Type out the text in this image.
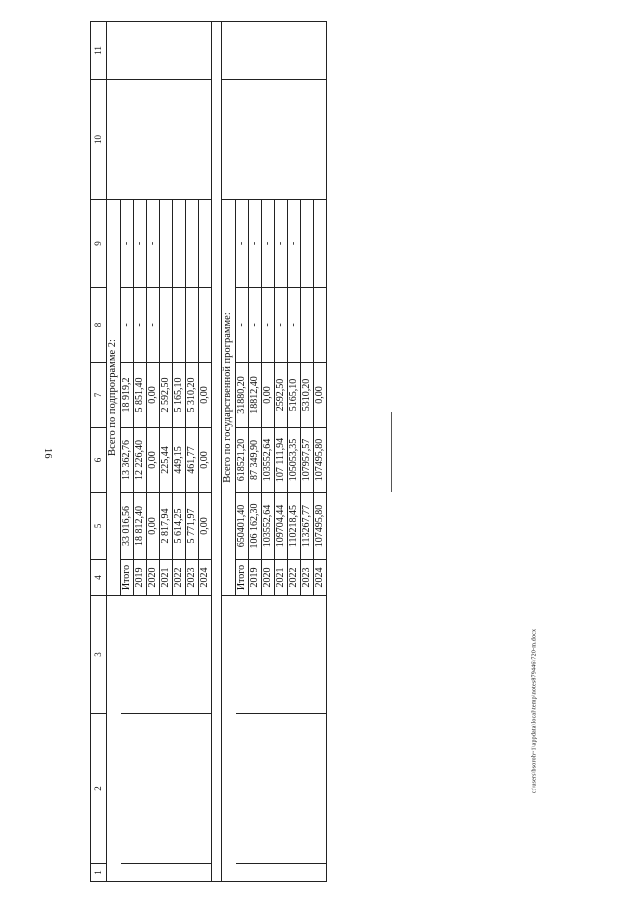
16
c:\users\bsoroh~1\appdata\local\temp\notes879446\720-m.docx
1	2	3	4	5	6	7	8	9	10	11
			Всего по подпрограмме 2:							
			Итого	33 016,56	13 362,76	18 919,2	-	-		
			2019	18 812,40	12 226,40	5 851,40	-	-		
			2020	0,00	0,00	0,00	-	-		
			2021	2 817,94	225,44	2 592,50				
			2022	5 614,25	449,15	5 165,10				
			2023	5 771,97	461,77	5 310,20				
			2024	0,00	0,00	0,00				

			Всего по государственной программе:							
			Итого	650401,40	618521,20	31880,20	-	-		
			2019	106 162,30	87 349,90	18812,40	-	-		
			2020	103552,64	103552,64	0,00	-	-		
			2021	109704,44	107 111,94	2592,50	-	-		
			2022	110218,45	105053,35	5165,10	-	-		
			2023	113267,77	107957,57	5310,20				
			2024	107495,80	107495,80	0,00				
